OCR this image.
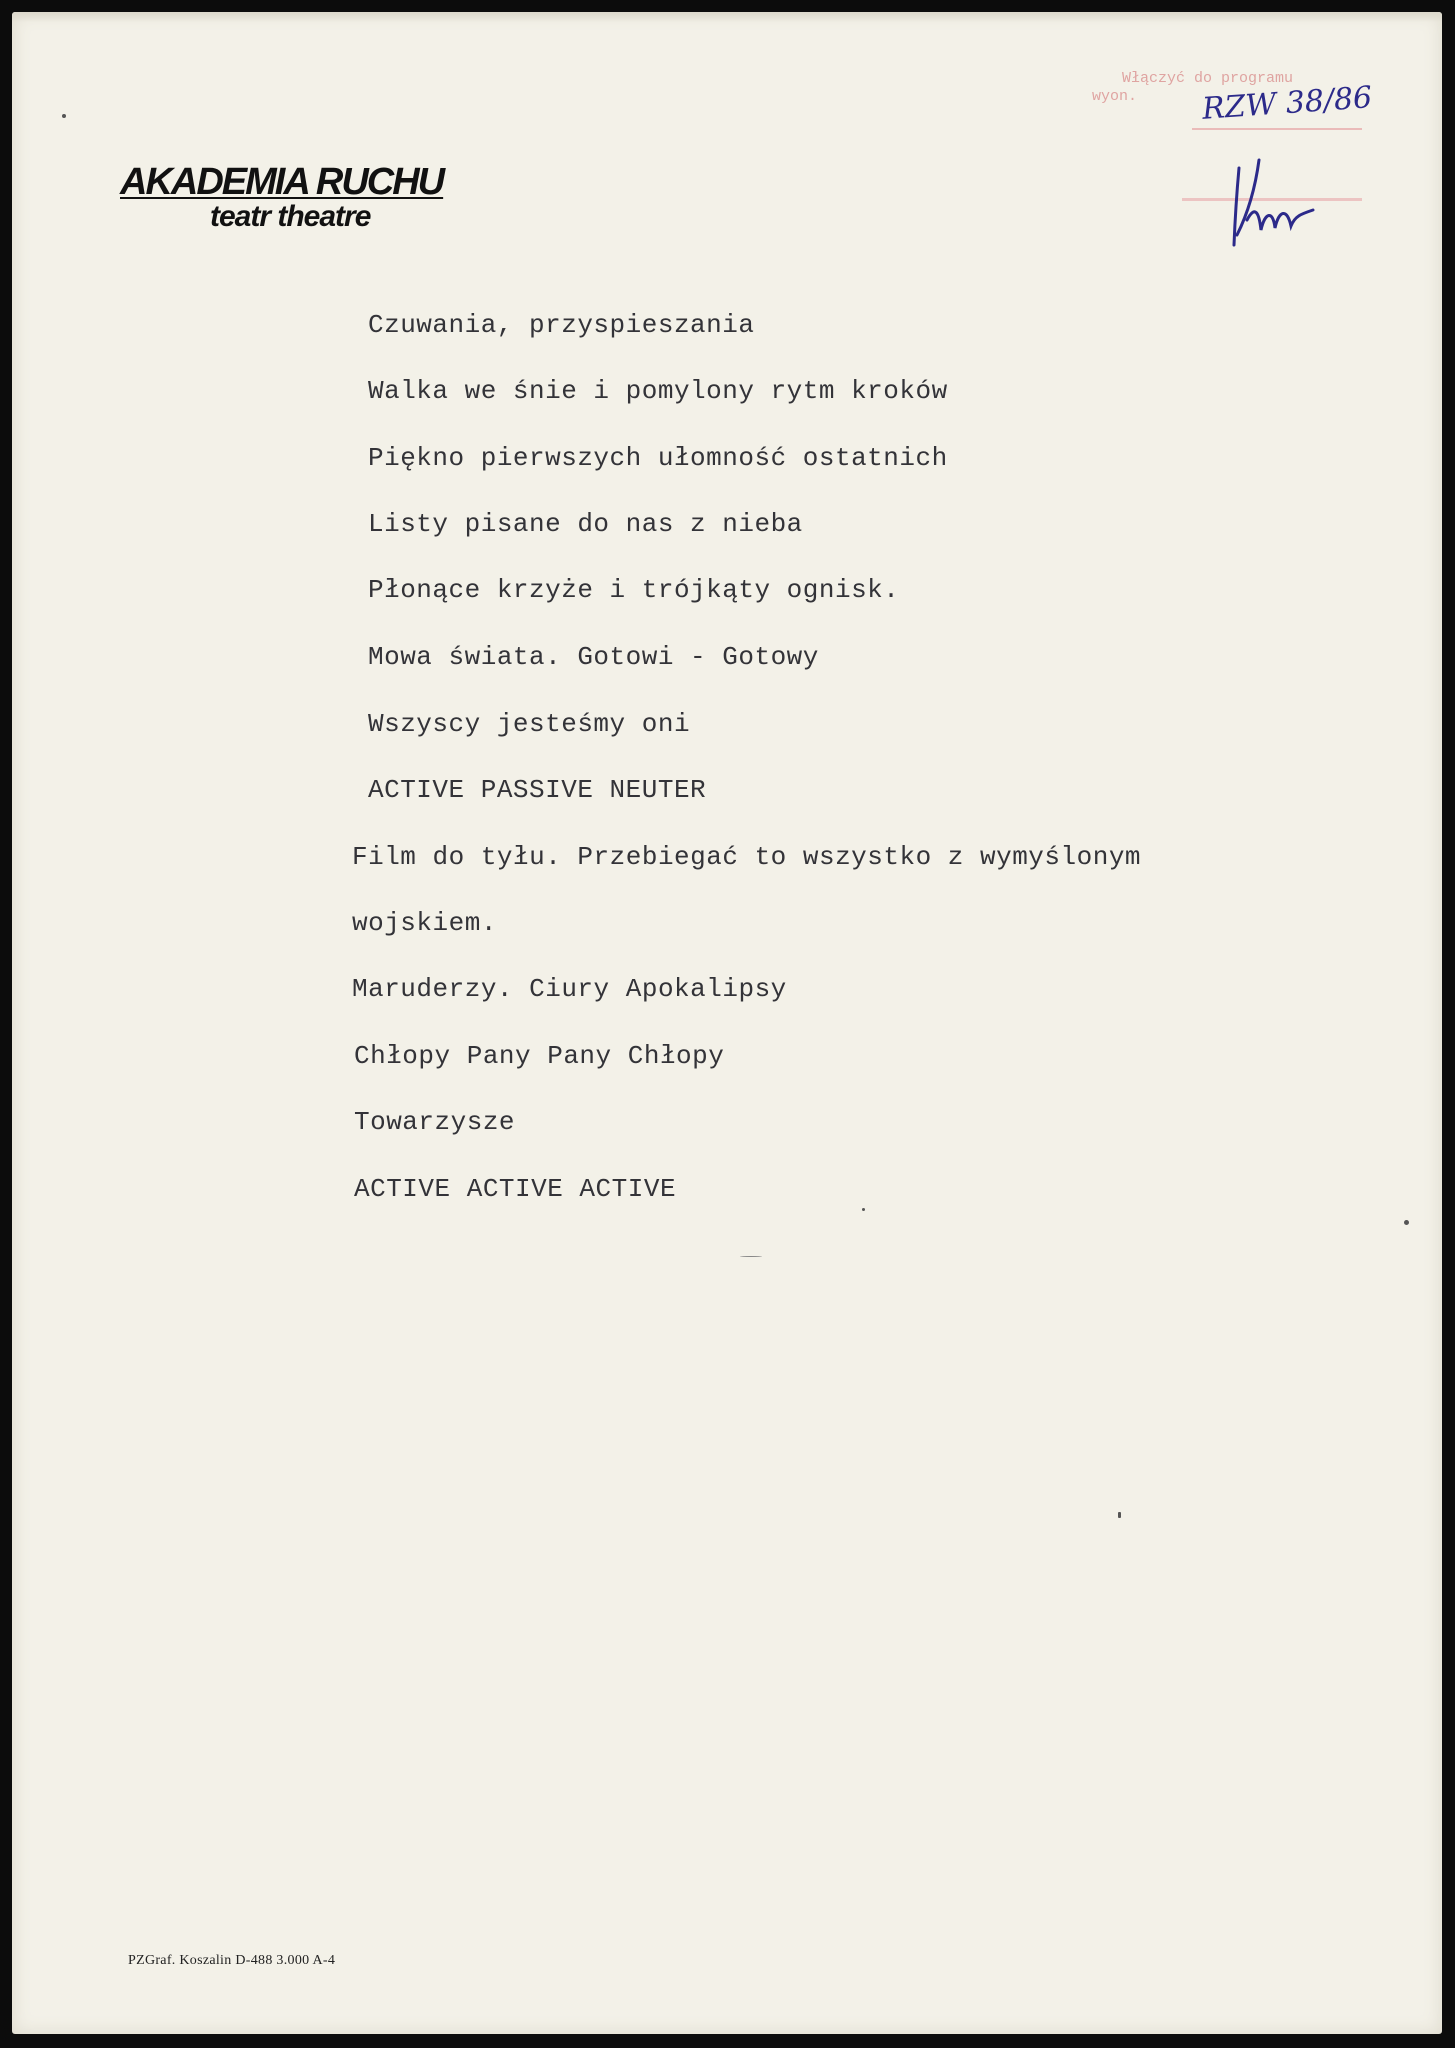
AKADEMIA RUCHU
teatr theatre
Włączyć do programu
wyon.	RZW 38/86
Czuwania, przyspieszania
Walka we śnie i pomylony rytm kroków
Piękno pierwszych ułomność ostatnich
Listy pisane do nas z nieba
Płonące krzyże i trójkąty ognisk.
Mowa świata. Gotowi - Gotowy
Wszyscy jesteśmy oni
ACTIVE PASSIVE NEUTER
Film do tyłu. Przebiegać to wszystko z wymyślonym
wojskiem.
Maruderzy. Ciury Apokalipsy
Chłopy Pany Pany Chłopy
Towarzysze
ACTIVE ACTIVE ACTIVE
PZGraf. Koszalin D-488 3.000 A-4
